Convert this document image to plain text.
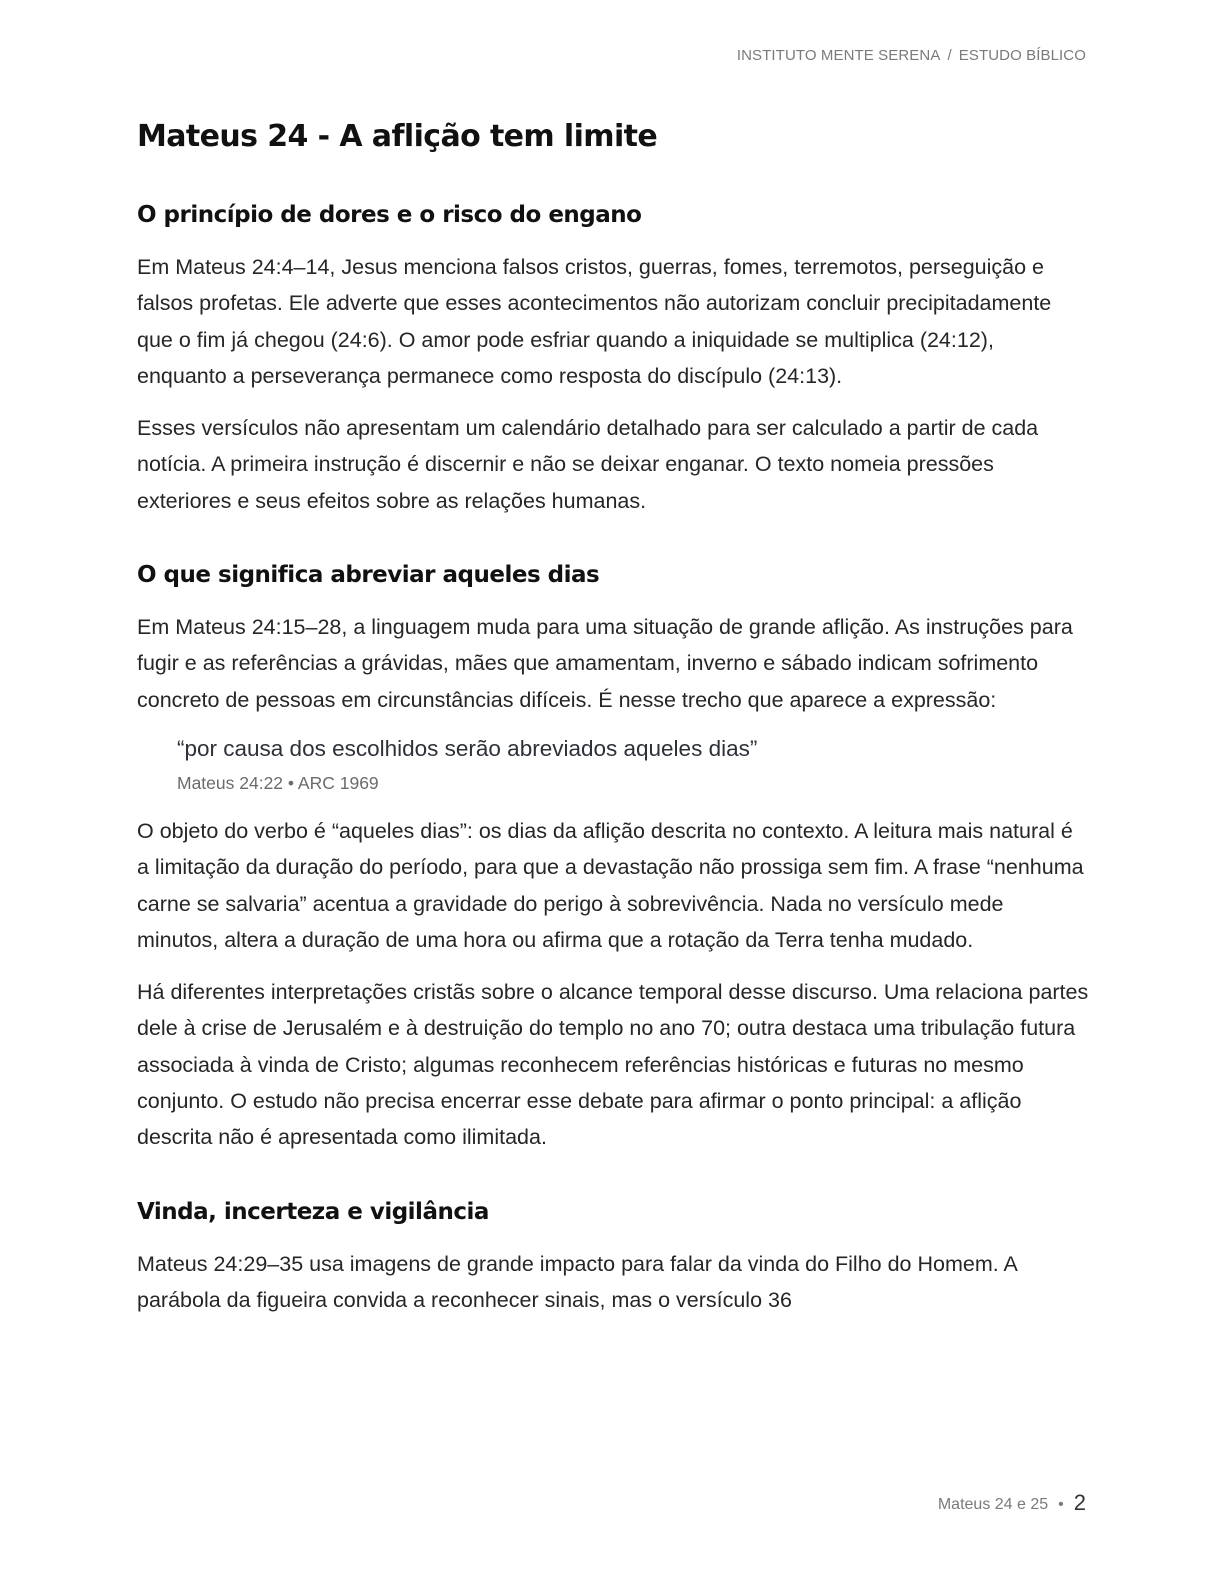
INSTITUTO MENTE SERENA / ESTUDO BÍBLICO
Mateus 24 - A aflição tem limite
O princípio de dores e o risco do engano

Em Mateus 24:4–14, Jesus menciona falsos cristos, guerras, fomes, terremotos, perseguição e falsos profetas. Ele adverte que esses acontecimentos não autorizam concluir precipitadamente que o fim já chegou (24:6). O amor pode esfriar quando a iniquidade se multiplica (24:12), enquanto a perseverança permanece como resposta do discípulo (24:13).

Esses versículos não apresentam um calendário detalhado para ser calculado a partir de cada notícia. A primeira instrução é discernir e não se deixar enganar. O texto nomeia pressões exteriores e seus efeitos sobre as relações humanas.

O que significa abreviar aqueles dias

Em Mateus 24:15–28, a linguagem muda para uma situação de grande aflição. As instruções para fugir e as referências a grávidas, mães que amamentam, inverno e sábado indicam sofrimento concreto de pessoas em circunstâncias difíceis. É nesse trecho que aparece a expressão:

“por causa dos escolhidos serão abreviados aqueles dias”
Mateus 24:22 • ARC 1969

O objeto do verbo é “aqueles dias”: os dias da aflição descrita no contexto. A leitura mais natural é a limitação da duração do período, para que a devastação não prossiga sem fim. A frase “nenhuma carne se salvaria” acentua a gravidade do perigo à sobrevivência. Nada no versículo mede minutos, altera a duração de uma hora ou afirma que a rotação da Terra tenha mudado.

Há diferentes interpretações cristãs sobre o alcance temporal desse discurso. Uma relaciona partes dele à crise de Jerusalém e à destruição do templo no ano 70; outra destaca uma tribulação futura associada à vinda de Cristo; algumas reconhecem referências históricas e futuras no mesmo conjunto. O estudo não precisa encerrar esse debate para afirmar o ponto principal: a aflição descrita não é apresentada como ilimitada.

Vinda, incerteza e vigilância

Mateus 24:29–35 usa imagens de grande impacto para falar da vinda do Filho do Homem. A parábola da figueira convida a reconhecer sinais, mas o versículo 36

Mateus 24 e 25 • 2
